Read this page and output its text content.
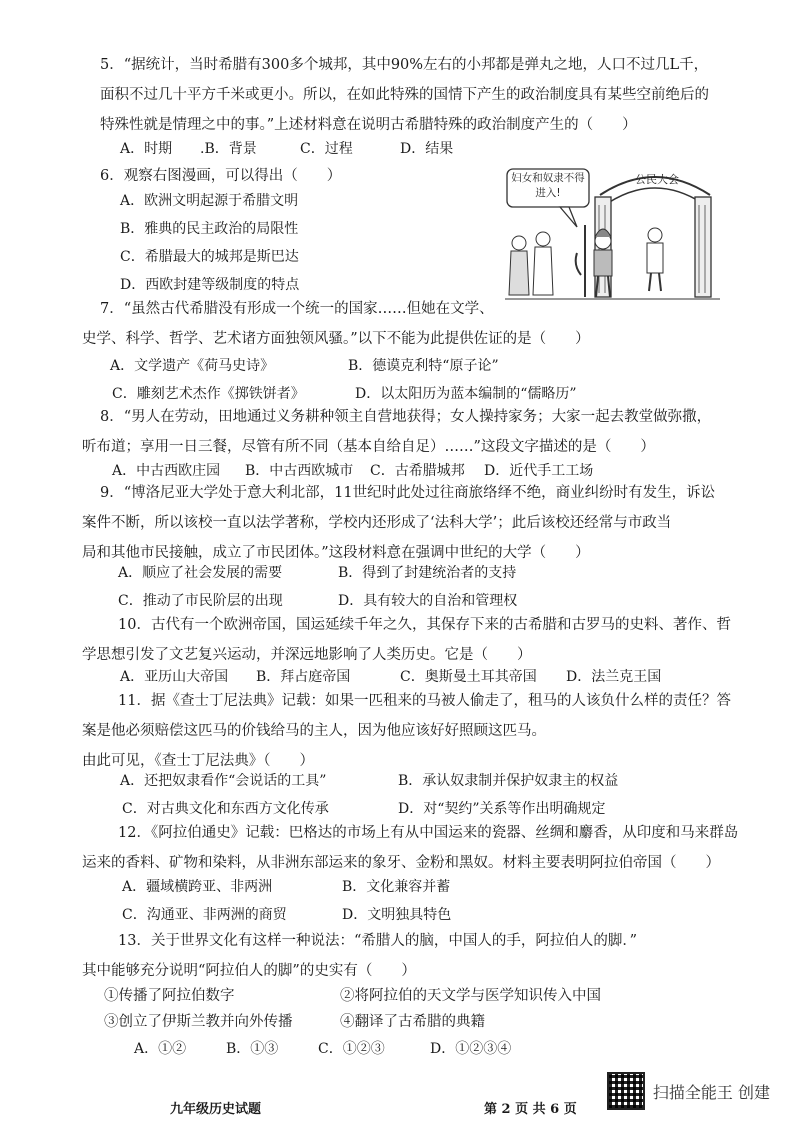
5．“据统计，当时希腊有300多个城邦，其中90%左右的小邦都是弹丸之地，人口不过几L千，
面积不过几十平方千米或更小。所以，在如此特殊的国情下产生的政治制度具有某些空前绝后的
特殊性就是情理之中的事。”上述材料意在说明古希腊特殊的政治制度产生的（　　）
A．时期 .B．背景	C．过程	D．结果
6．观察右图漫画，可以得出（　　）
A．欧洲文明起源于希腊文明
B．雅典的民主政治的局限性
C．希腊最大的城邦是斯巴达
D．西欧封建等级制度的特点
妇女和奴隶不得进入!
公民大会
7．“虽然古代希腊没有形成一个统一的国家……但她在文学、
史学、科学、哲学、艺术诸方面独领风骚。”以下不能为此提供佐证的是（　　）
A．文学遗产《荷马史诗》	B．德谟克利特“原子论”
C．雕刻艺术杰作《掷铁饼者》	D．以太阳历为蓝本编制的“儒略历”
8．“男人在劳动，田地通过义务耕种领主自营地获得；女人操持家务；大家一起去教堂做弥撒，
听布道；享用一日三餐，尽管有所不同（基本自给自足）……”这段文字描述的是（　　）
A．中古西欧庄园 B．中古西欧城市 C．古希腊城邦 D．近代手工工场
9．“博洛尼亚大学处于意大利北部，11世纪时此处过往商旅络绎不绝，商业纠纷时有发生，诉讼
案件不断，所以该校一直以法学著称，学校内还形成了‘法科大学’；此后该校还经常与市政当
局和其他市民接触，成立了市民团体。”这段材料意在强调中世纪的大学（　　）
A．顺应了社会发展的需要	B．得到了封建统治者的支持
C．推动了市民阶层的出现	D．具有较大的自治和管理权
10．古代有一个欧洲帝国，国运延续千年之久，其保存下来的古希腊和古罗马的史料、著作、哲
学思想引发了文艺复兴运动，并深远地影响了人类历史。它是（　　）
A．亚历山大帝国 B．拜占庭帝国	C．奥斯曼土耳其帝国 D．法兰克王国
11．据《查士丁尼法典》记载：如果一匹租来的马被人偷走了，租马的人该负什么样的责任？答
案是他必须赔偿这匹马的价钱给马的主人，因为他应该好好照顾这匹马。
由此可见，《查士丁尼法典》（　　）
A．还把奴隶看作“会说话的工具”	B．承认奴隶制并保护奴隶主的权益
C．对古典文化和东西方文化传承	D．对“契约”关系等作出明确规定
12．《阿拉伯通史》记载：巴格达的市场上有从中国运来的瓷器、丝绸和麝香，从印度和马来群岛
运来的香料、矿物和染料，从非洲东部运来的象牙、金粉和黑奴。材料主要表明阿拉伯帝国（　　）
A．疆域横跨亚、非两洲	B．文化兼容并蓄
C．沟通亚、非两洲的商贸	D．文明独具特色
13．关于世界文化有这样一种说法：“希腊人的脑，中国人的手，阿拉伯人的脚．”
其中能够充分说明“阿拉伯人的脚”的史实有（　　）
①传播了阿拉伯数字	②将阿拉伯的天文学与医学知识传入中国
③创立了伊斯兰教并向外传播	④翻译了古希腊的典籍
A．①②	B．①③	C．①②③	D．①②③④
九年级历史试题	第 2 页 共 6 页
扫描全能王 创建
